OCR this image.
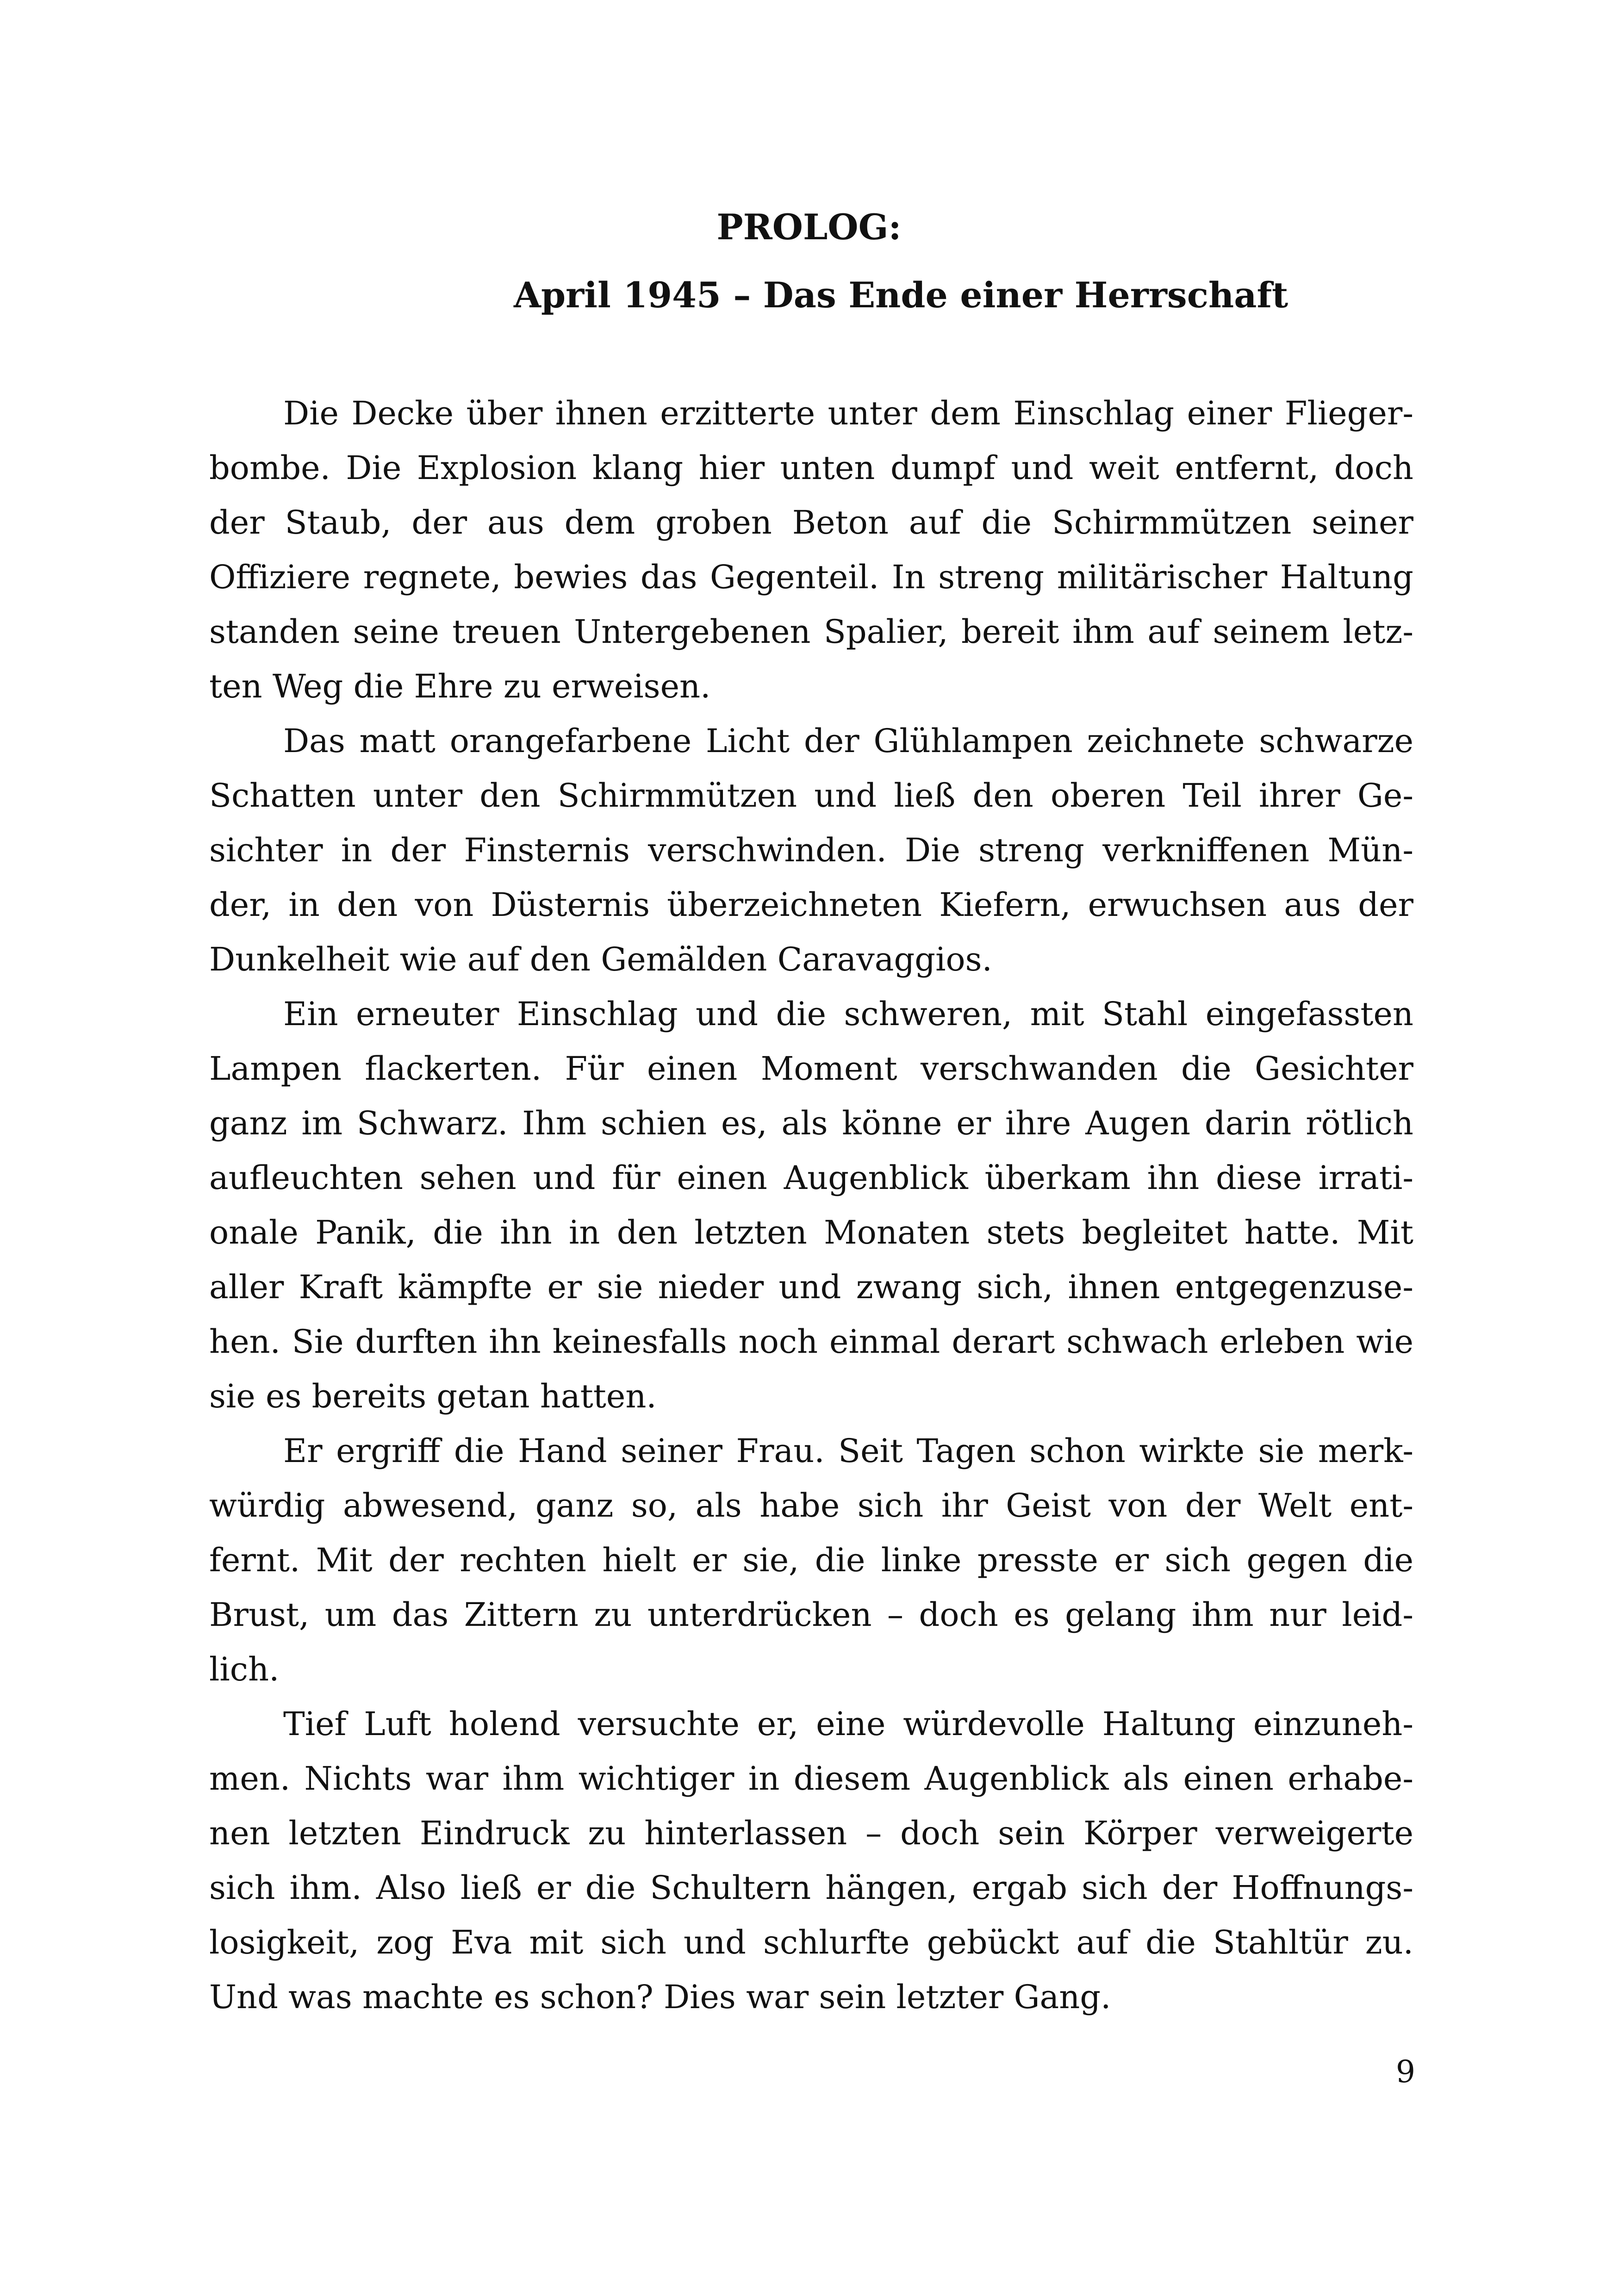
PROLOG:
April 1945 – Das Ende einer Herrschaft
Die Decke über ihnen erzitterte unter dem Einschlag einer Flieger-
bombe. Die Explosion klang hier unten dumpf und weit entfernt, doch
der Staub, der aus dem groben Beton auf die Schirmmützen seiner
Offiziere regnete, bewies das Gegenteil. In streng militärischer Haltung
standen seine treuen Untergebenen Spalier, bereit ihm auf seinem letz-
ten Weg die Ehre zu erweisen.
Das matt orangefarbene Licht der Glühlampen zeichnete schwarze
Schatten unter den Schirmmützen und ließ den oberen Teil ihrer Ge-
sichter in der Finsternis verschwinden. Die streng verkniffenen Mün-
der, in den von Düsternis überzeichneten Kiefern, erwuchsen aus der
Dunkelheit wie auf den Gemälden Caravaggios.
Ein erneuter Einschlag und die schweren, mit Stahl eingefassten
Lampen flackerten. Für einen Moment verschwanden die Gesichter
ganz im Schwarz. Ihm schien es, als könne er ihre Augen darin rötlich
aufleuchten sehen und für einen Augenblick überkam ihn diese irrati-
onale Panik, die ihn in den letzten Monaten stets begleitet hatte. Mit
aller Kraft kämpfte er sie nieder und zwang sich, ihnen entgegenzuse-
hen. Sie durften ihn keinesfalls noch einmal derart schwach erleben wie
sie es bereits getan hatten.
Er ergriff die Hand seiner Frau. Seit Tagen schon wirkte sie merk-
würdig abwesend, ganz so, als habe sich ihr Geist von der Welt ent-
fernt. Mit der rechten hielt er sie, die linke presste er sich gegen die
Brust, um das Zittern zu unterdrücken – doch es gelang ihm nur leid-
lich.
Tief Luft holend versuchte er, eine würdevolle Haltung einzuneh-
men. Nichts war ihm wichtiger in diesem Augenblick als einen erhabe-
nen letzten Eindruck zu hinterlassen – doch sein Körper verweigerte
sich ihm. Also ließ er die Schultern hängen, ergab sich der Hoffnungs-
losigkeit, zog Eva mit sich und schlurfte gebückt auf die Stahltür zu.
Und was machte es schon? Dies war sein letzter Gang.
9
